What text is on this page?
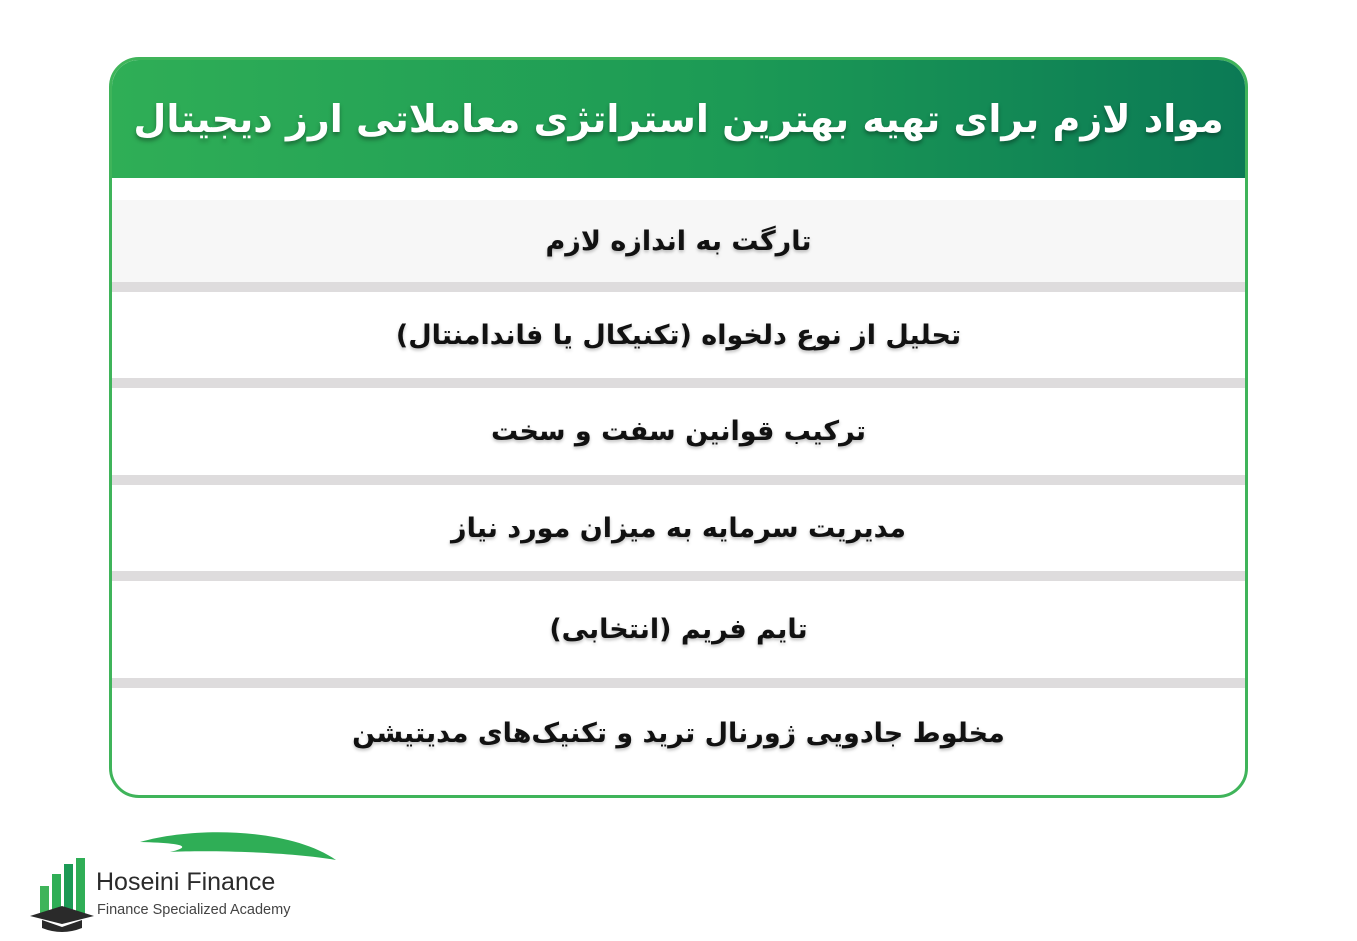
مواد لازم برای تهیه بهترین استراتژی معاملاتی ارز دیجیتال
تارگت به اندازه لازم
تحلیل از نوع دلخواه (تکنیکال یا فاندامنتال)
ترکیب قوانین سفت و سخت
مدیریت سرمایه به میزان مورد نیاز
تایم فریم (انتخابی)
مخلوط جادویی ژورنال ترید و تکنیک‌های مدیتیشن
Hoseini Finance
Finance Specialized Academy
